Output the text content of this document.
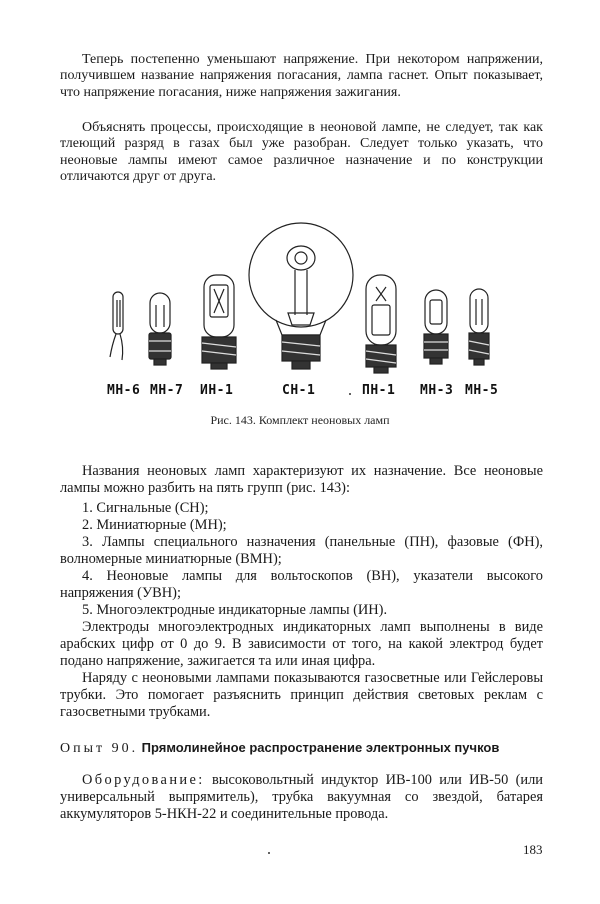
Теперь постепенно уменьшают напряжение. При некотором напряжении, получившем название напряжения погасания, лампа гаснет. Опыт показывает, что напряжение погасания, ниже напряжения зажигания.

Объяснять процессы, происходящие в неоновой лампе, не следует, так как тлеющий разряд в газах был уже разобран. Следует только указать, что неоновые лампы имеют самое различное назначение и по конструкции отличаются друг от друга.

МН-6 МН-7 ИН-1	СН-1	ПН-1 МН-3 МН-5
Рис. 143. Комплект неоновых ламп

Названия неоновых ламп характеризуют их назначение. Все неоновые лампы можно разбить на пять групп (рис. 143):

1. Сигнальные (СН);
2. Миниатюрные (МН);

3. Лампы специального назначения (панельные (ПН), фазовые (ФН), волномерные миниатюрные (ВМН);

4. Неоновые лампы для вольтоскопов (ВН), указатели высокого напряжения (УВН);

5. Многоэлектродные индикаторные лампы (ИН).

Электроды многоэлектродных индикаторных ламп выполнены в виде арабских цифр от 0 до 9. В зависимости от того, на какой электрод будет подано напряжение, зажигается та или иная цифра.

Наряду с неоновыми лампами показываются газосветные или Гейслеровы трубки. Это помогает разъяснить принцип действия световых реклам с газосветными трубками.

Опыт 90. Прямолинейное распространение электронных пучков

Оборудование: высоковольтный индуктор ИВ-100 или ИВ-50 (или универсальный выпрямитель), трубка вакуумная со звездой, батарея аккумуляторов 5-НКН-22 и соединительные провода.

183
